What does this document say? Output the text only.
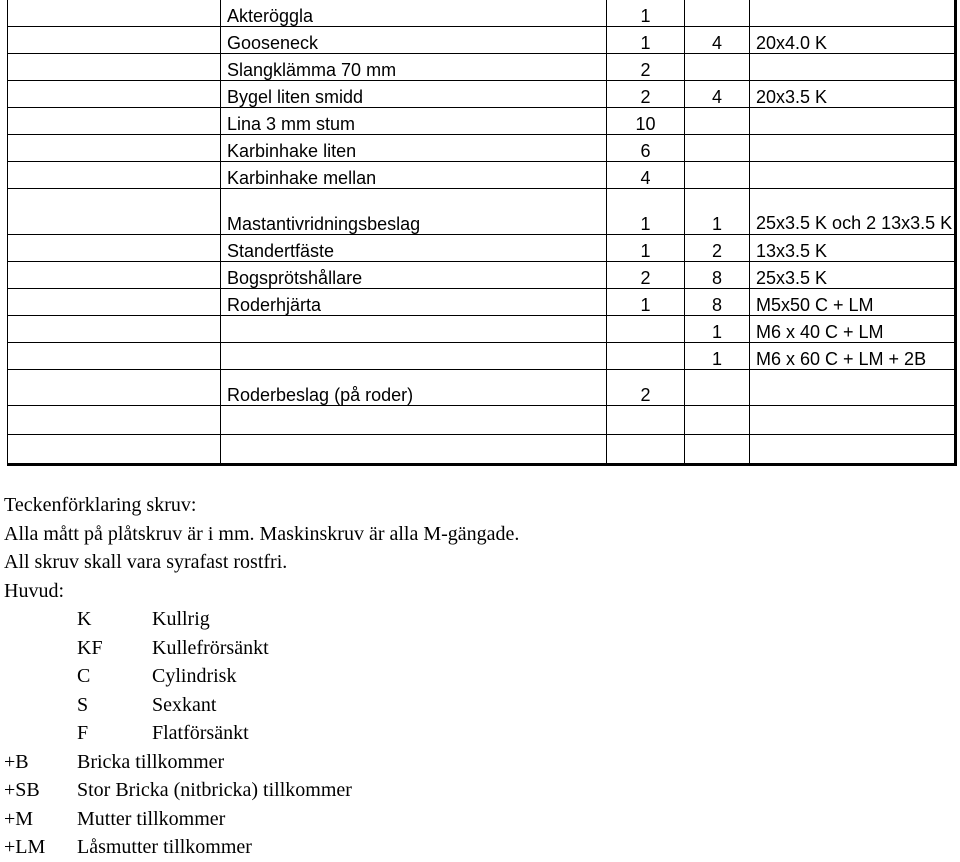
	Akteröggla	1		
	Gooseneck	1	4	20x4.0 K
	Slangklämma 70 mm	2		
	Bygel liten smidd	2	4	20x3.5 K
	Lina 3 mm stum	10		
	Karbinhake liten	6		
	Karbinhake mellan	4		
	Mastantivridningsbeslag	1	1	25x3.5 K och 2 13x3.5 K
	Standertfäste	1	2	13x3.5 K
	Bogsprötshållare	2	8	25x3.5 K
	Roderhjärta	1	8	M5x50 C + LM
			1	M6 x 40 C + LM
			1	M6 x 60 C + LM + 2B
	Roderbeslag (på roder)	2		

Teckenförklaring skruv:
Alla mått på plåtskruv är i mm. Maskinskruv är alla M-gängade.
All skruv skall vara syrafast rostfri.
Huvud:
K	Kullrig
KF	Kullefrörsänkt
C	Cylindrisk
S	Sexkant
F	Flatförsänkt
+B	Bricka tillkommer
+SB	Stor Bricka (nitbricka) tillkommer
+M	Mutter tillkommer
+LM	Låsmutter tillkommer
